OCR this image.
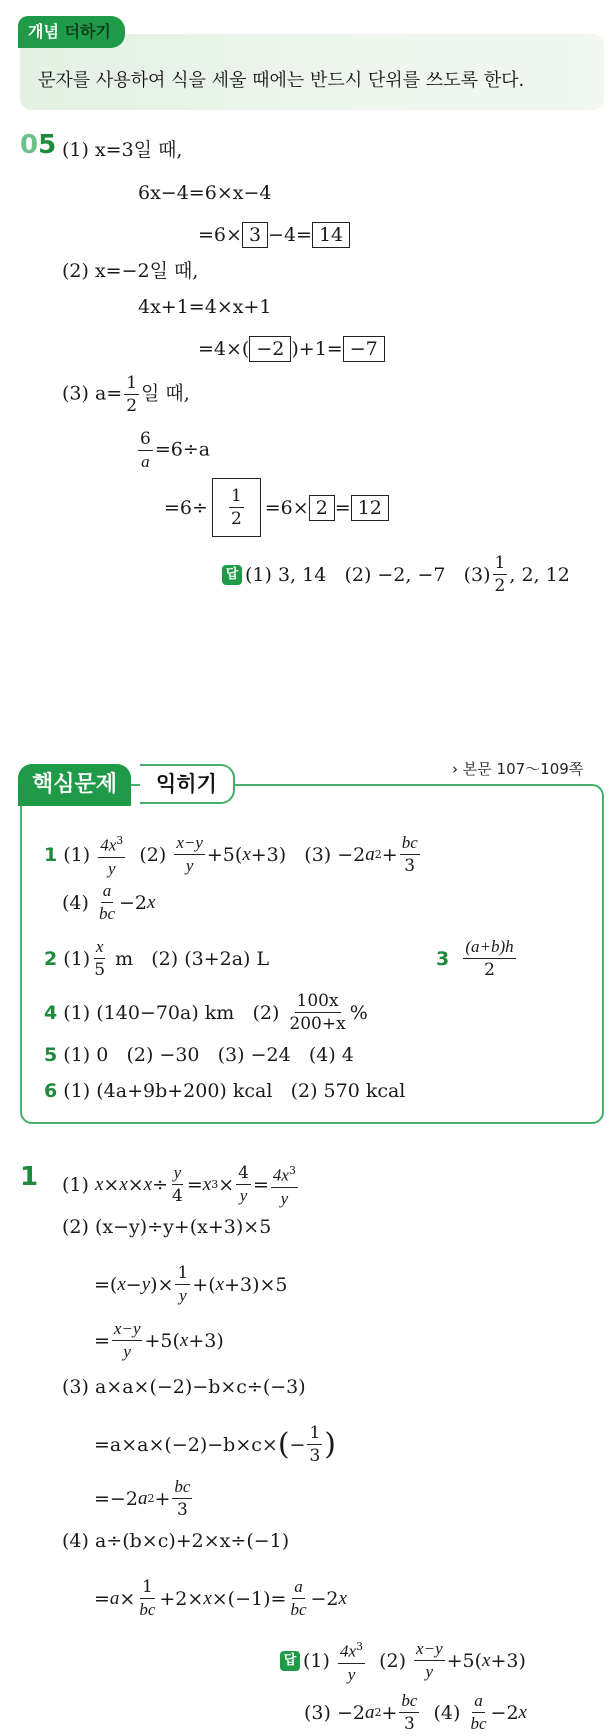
개념 더하기
문자를 사용하여 식을 세울 때에는 반드시 단위를 쓰도록 한다.
05 (1) x=3일 때,
6x−4=6×x−4
=6× 3 −4= 14
(2) x=−2일 때,
4x+1=4×x+1
=4×( −2 )+1= −7
(3) $a= \frac{1}{2}$ 일 때,
$\frac{6}{a} =6\div a$
$=6\div \frac{1}{2} =6\times 2 = 12$
답 (1) 3, 14
(2) −2, −7
$(3) \frac{1}{2}$ , 2, 12
익히기
핵심문제
› 본문 107～109쪽
1 $(1) \frac{4x^3}{y} (2) \frac{x-y}{y} +5$( x +3)   (3) −2 a $2 + \frac{bc}{3}$
$(4) \frac{a}{bc} -2$ x
2
$(1) \frac{x}{5}$
m
(2) (3+2a) L	3
$\frac{(a+b)h}{2}$
4
(1) (140−70a) km
(2)
$\frac{100x}{200+x}$ %
5 (1) 0 (2) −30 (3) −24 (4) 4
6 (1) (4a+9b+200) kcal (2) 570 kcal
1 (1) $x \times x \times x \div \frac{y}{4} = x$ $3 \times \frac{4}{y} = \frac{4x^3}{y}$
(2) (x−y)÷y+(x+3)×5
=( x − y )× $\frac{1}{y}$ +( x +3)×5
= $\frac{x-y}{y} +5$( x +3)
(3) a×a×(−2)−b×c÷(−3)
=a×a×(−2)−b×c× ( − $\frac{1}{3}$ )
=−2 a $2 + \frac{bc}{3}$
(4) a÷(b×c)+2×x÷(−1)
= $a \times \frac{1}{bc} +2\times x \times(-1)= \frac{a}{bc} -2$ x
답 $(1) \frac{4x^3}{y} (2) \frac{x-y}{y} +5$( x +3)
(3) −2 a $2 + \frac{bc}{3} (4) \frac{a}{bc} -2$ x
